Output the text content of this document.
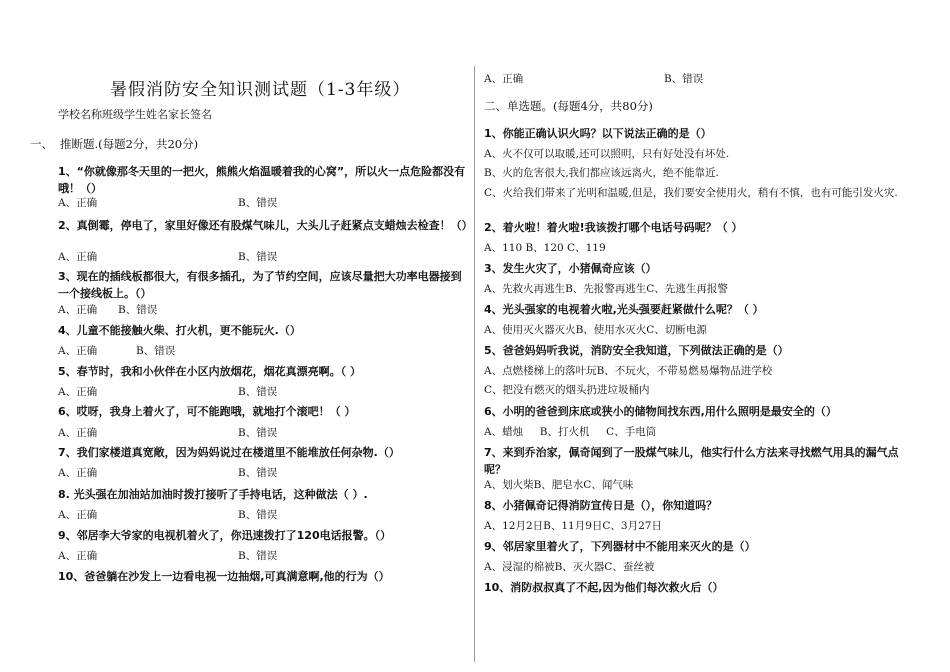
暑假消防安全知识测试题（1-3年级）
学校名称班级学生姓名家长签名
一、 推断题.(每题2分，共20分)
1、“你就像那冬天里的一把火，熊熊火焰温暖着我的心窝”，所以火一点危险都没有哦！（）
A、正确	B、错误
2、真倒霉，停电了，家里好像还有股煤气味儿，大头儿子赶紧点支蜡烛去检查！（）
A、正确	B、错误
3、现在的插线板都很大，有很多插孔，为了节约空间，应该尽量把大功率电器接到一个接线板上。（）
A、正确 B、错误
4、儿童不能接触火柴、打火机，更不能玩火.（）
A、正确	B、错误
5、春节时，我和小伙伴在小区内放烟花，烟花真漂亮啊。（ ）
A、正确	B、错误
6、哎呀，我身上着火了，可不能跑哦，就地打个滚吧！（ ）
A、正确	B、错误
7、我们家楼道真宽敞，因为妈妈说过在楼道里不能堆放任何杂物.（）
A、正确	B、错误
8. 光头强在加油站加油时拨打接听了手持电话，这种做法（ ）.
A、正确	B、错误
9、邻居李大爷家的电视机着火了，你迅速拨打了120电话报警。（）
A、正确	B、错误
10、爸爸躺在沙发上一边看电视一边抽烟,可真满意啊,他的行为（）
A、正确	B、错误
二、单选题。(每题4分，共80分)
1、你能正确认识火吗？以下说法正确的是（）
A、火不仅可以取暖,还可以照明，只有好处没有坏处.
B、火的危害很大,我们都应该远离火，绝不能靠近.
C、火给我们带来了光明和温暖,但是，我们要安全使用火，稍有不慎，也有可能引发火灾.
2、着火啦！着火啦!我该拨打哪个电话号码呢？（ ）
A、110 B、120 C、119
3、发生火灾了，小猪佩奇应该（）
A、先救火再逃生B、先报警再逃生C、先逃生再报警
4、光头强家的电视着火啦,光头强要赶紧做什么呢？（ ）
A、使用灭火器灭火B、使用水灭火C、切断电源
5、爸爸妈妈听我说，消防安全我知道，下列做法正确的是（）
A、点燃楼梯上的落叶玩B、不玩火，不带易燃易爆物品进学校
C、把没有燃灭的烟头扔进垃圾桶内
6、小明的爸爸到床底或狭小的储物间找东西,用什么照明是最安全的（）
A、蜡烛     B、打火机     C、手电筒
7、来到乔治家，佩奇闻到了一股煤气味儿，他实行什么方法来寻找燃气用具的漏气点呢？
A、划火柴B、肥皂水C、闻气味
8、小猪佩奇记得消防宣传日是（），你知道吗？
A、12月2日B、11月9日C、3月27日
9、邻居家里着火了，下列器材中不能用来灭火的是（）
A、浸湿的棉被B、灭火器C、蚕丝被
10、消防叔叔真了不起,因为他们每次救火后（）
